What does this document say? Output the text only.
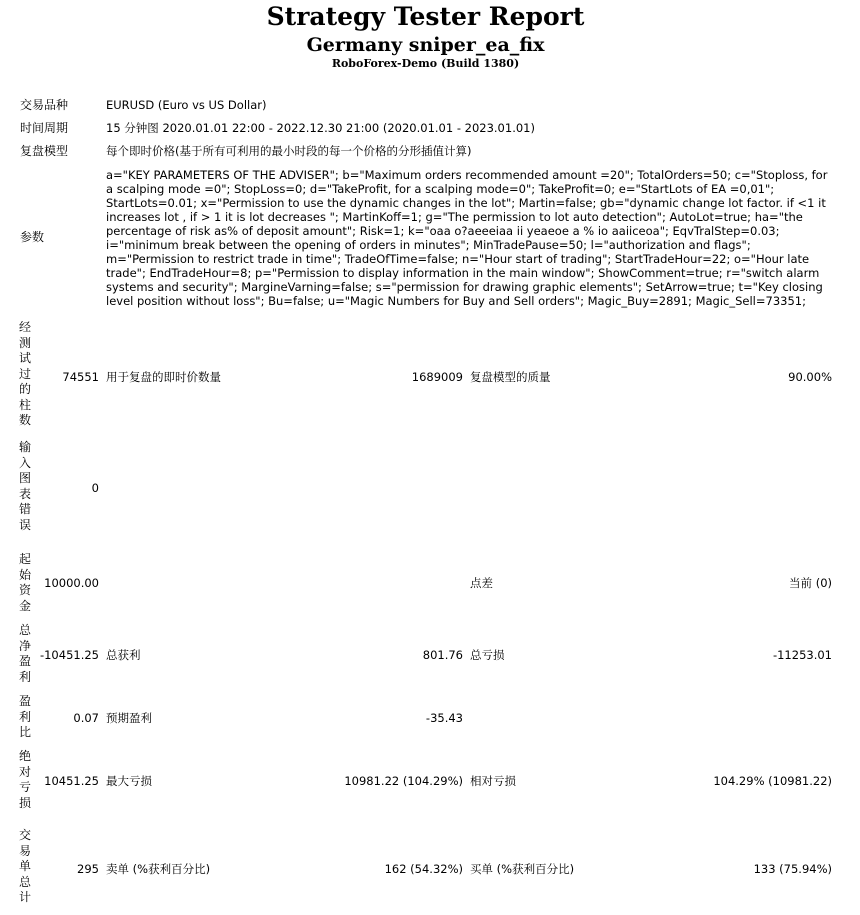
Strategy Tester Report
Germany sniper_ea_fix
RoboForex-Demo (Build 1380)
交易品种	EURUSD (Euro vs US Dollar)
时间周期	15 分钟图 2020.01.01 22:00 - 2022.12.30 21:00 (2020.01.01 - 2023.01.01)
复盘模型	每个即时价格(基于所有可利用的最小时段的每一个价格的分形插值计算)
参数
a="KEY PARAMETERS OF THE ADVISER"; b="Maximum orders recommended amount =20"; TotalOrders=50; c="Stoploss, for a scalping mode =0"; StopLoss=0; d="TakeProfit, for a scalping mode=0"; TakeProfit=0; e="StartLots of EA =0,01"; StartLots=0.01; x="Permission to use the dynamic changes in the lot"; Martin=false; gb="dynamic change lot factor. if <1 it increases lot , if > 1 it is lot decreases "; MartinKoff=1; g="The permission to lot auto detection"; AutoLot=true; ha="the percentage of risk as% of deposit amount"; Risk=1; k="oaa o?aeeeiaa ii yeaeoe a % io aaiiceoa"; EqvTralStep=0.03; i="minimum break between the opening of orders in minutes"; MinTradePause=50; l="authorization and flags"; m="Permission to restrict trade in time"; TradeOfTime=false; n="Hour start of trading"; StartTradeHour=22; o="Hour late trade"; EndTradeHour=8; p="Permission to display information in the main window"; ShowComment=true; r="switch alarm systems and security"; MargineVarning=false; s="permission for drawing graphic elements"; SetArrow=true; t="Key closing level position without loss"; Bu=false; u="Magic Numbers for Buy and Sell orders"; Magic_Buy=2891; Magic_Sell=73351;
经测试过的柱数
74551 用于复盘的即时价数量	1689009 复盘模型的质量	90.00%
输入图表错误
0
起始资金
10000.00	点差	当前 (0)
总净盈利
-10451.25 总获利	801.76 总亏损	-11253.01
盈利比
0.07 预期盈利	-35.43
绝对亏损
10451.25 最大亏损	10981.22 (104.29%) 相对亏损	104.29% (10981.22)
交易单总计
295 卖单 (%获利百分比)	162 (54.32%) 买单 (%获利百分比)	133 (75.94%)
